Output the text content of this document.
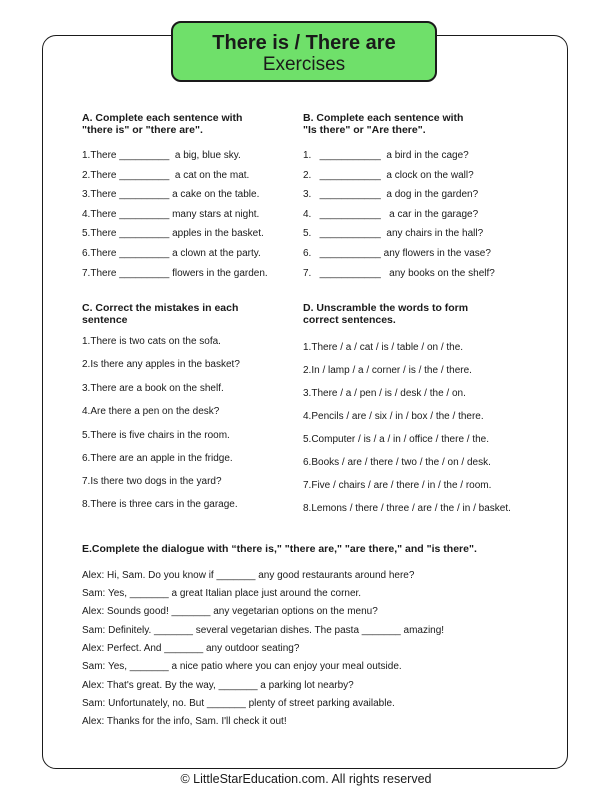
There is / There are
Exercises
A. Complete each sentence with
"there is" or "there are".
1.There _________  a big, blue sky.
2.There _________  a cat on the mat.
3.There _________ a cake on the table.
4.There _________ many stars at night.
5.There _________ apples in the basket.
6.There _________ a clown at the party.
7.There _________ flowers in the garden.
B. Complete each sentence with
"Is there" or "Are there".
1.   ___________  a bird in the cage?
2.   ___________  a clock on the wall?
3.   ___________  a dog in the garden?
4.   ___________   a car in the garage?
5.   ___________  any chairs in the hall?
6.   ___________ any flowers in the vase?
7.   ___________   any books on the shelf?
C. Correct the mistakes in each
sentence
1.There is two cats on the sofa.
2.Is there any apples in the basket?
3.There are a book on the shelf.
4.Are there a pen on the desk?
5.There is five chairs in the room.
6.There are an apple in the fridge.
7.Is there two dogs in the yard?
8.There is three cars in the garage.
D. Unscramble the words to form
correct sentences.
1.There / a / cat / is / table / on / the.
2.In / lamp / a / corner / is / the / there.
3.There / a / pen / is / desk / the / on.
4.Pencils / are / six / in / box / the / there.
5.Computer / is / a / in / office / there / the.
6.Books / are / there / two / the / on / desk.
7.Five / chairs / are / there / in / the / room.
8.Lemons / there / three / are / the / in / basket.
E.Complete the dialogue with “there is," "there are," "are there," and "is there".
Alex: Hi, Sam. Do you know if _______ any good restaurants around here?
Sam: Yes, _______ a great Italian place just around the corner.
Alex: Sounds good! _______ any vegetarian options on the menu?
Sam: Definitely. _______ several vegetarian dishes. The pasta _______ amazing!
Alex: Perfect. And _______ any outdoor seating?
Sam: Yes, _______ a nice patio where you can enjoy your meal outside.
Alex: That's great. By the way, _______ a parking lot nearby?
Sam: Unfortunately, no. But _______ plenty of street parking available.
Alex: Thanks for the info, Sam. I'll check it out!
© LittleStarEducation.com. All rights reserved
